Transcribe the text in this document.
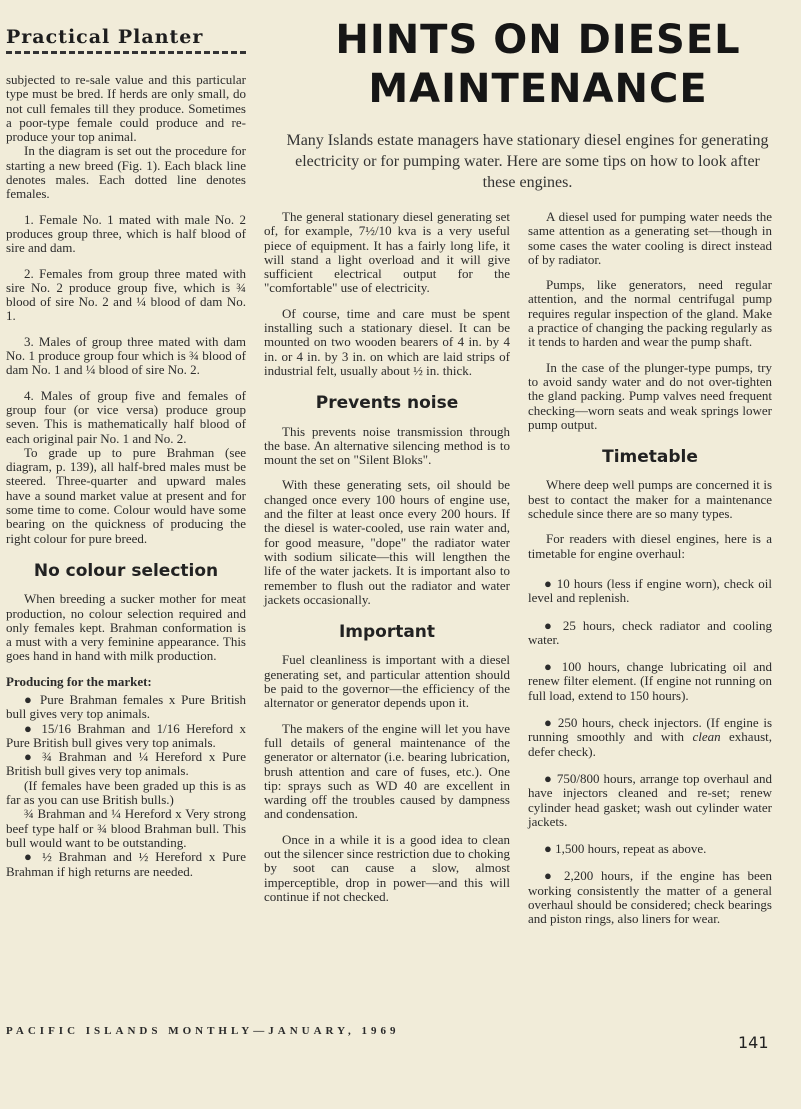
Practical Planter	HINTS ON DIESEL
MAINTENANCE
Many Islands estate managers have stationary diesel engines for generating electricity or for pumping water. Here are some tips on how to look after these engines.

subjected to re-sale value and this particular type must be bred. If herds are only small, do not cull females till they produce. Sometimes a poor-type female could produce and re-produce your top animal.

In the diagram is set out the procedure for starting a new breed (Fig. 1). Each black line denotes males. Each dotted line denotes females.

1. Female No. 1 mated with male No. 2 produces group three, which is half blood of sire and dam.

2. Females from group three mated with sire No. 2 produce group five, which is ¾ blood of sire No. 2 and ¼ blood of dam No. 1.

3. Males of group three mated with dam No. 1 produce group four which is ¾ blood of dam No. 1 and ¼ blood of sire No. 2.

4. Males of group five and females of group four (or vice versa) produce group seven. This is mathematically half blood of each original pair No. 1 and No. 2.

To grade up to pure Brahman (see diagram, p. 139), all half-bred males must be steered. Three-quarter and upward males have a sound market value at present and for some time to come. Colour would have some bearing on the quickness of producing the right colour for pure breed.

No colour selection

When breeding a sucker mother for meat production, no colour selection required and only females kept. Brahman conformation is a must with a very feminine appearance. This goes hand in hand with milk production.

Producing for the market:

● Pure Brahman females x Pure British bull gives very top animals.

● 15/16 Brahman and 1/16 Hereford x Pure British bull gives very top animals.

● ¾ Brahman and ¼ Hereford x Pure British bull gives very top animals.

(If females have been graded up this is as far as you can use British bulls.)

¾ Brahman and ¼ Hereford x Very strong beef type half or ¾ blood Brahman bull. This bull would want to be outstanding.

● ½ Brahman and ½ Hereford x Pure Brahman if high returns are needed.

The general stationary diesel generating set of, for example, 7½/10 kva is a very useful piece of equipment. It has a fairly long life, it will stand a light overload and it will give sufficient electrical output for the "comfortable" use of electricity.

Of course, time and care must be spent installing such a stationary diesel. It can be mounted on two wooden bearers of 4 in. by 4 in. or 4 in. by 3 in. on which are laid strips of industrial felt, usually about ½ in. thick.

Prevents noise

This prevents noise transmission through the base. An alternative silencing method is to mount the set on "Silent Bloks".

With these generating sets, oil should be changed once every 100 hours of engine use, and the filter at least once every 200 hours. If the diesel is water-cooled, use rain water and, for good measure, "dope" the radiator water with sodium silicate—this will lengthen the life of the water jackets. It is important also to remember to flush out the radiator and water jackets occasionally.

Important

Fuel cleanliness is important with a diesel generating set, and particular attention should be paid to the governor—the efficiency of the alternator or generator depends upon it.

The makers of the engine will let you have full details of general maintenance of the generator or alternator (i.e. bearing lubrication, brush attention and care of fuses, etc.). One tip: sprays such as WD 40 are excellent in warding off the troubles caused by dampness and condensation.

Once in a while it is a good idea to clean out the silencer since restriction due to choking by soot can cause a slow, almost imperceptible, drop in power—and this will continue if not checked.

A diesel used for pumping water needs the same attention as a generating set—though in some cases the water cooling is direct instead of by radiator.

Pumps, like generators, need regular attention, and the normal centrifugal pump requires regular inspection of the gland. Make a practice of changing the packing regularly as it tends to harden and wear the pump shaft.

In the case of the plunger-type pumps, try to avoid sandy water and do not over-tighten the gland packing. Pump valves need frequent checking—worn seats and weak springs lower pump output.

Timetable

Where deep well pumps are concerned it is best to contact the maker for a maintenance schedule since there are so many types.

For readers with diesel engines, here is a timetable for engine overhaul:

● 10 hours (less if engine worn), check oil level and replenish.

● 25 hours, check radiator and cooling water.

● 100 hours, change lubricating oil and renew filter element. (If engine not running on full load, extend to 150 hours).

● 250 hours, check injectors. (If engine is running smoothly and with clean exhaust, defer check).

● 750/800 hours, arrange top overhaul and have injectors cleaned and re-set; renew cylinder head gasket; wash out cylinder water jackets.

● 1,500 hours, repeat as above.

● 2,200 hours, if the engine has been working consistently the matter of a general overhaul should be considered; check bearings and piston rings, also liners for wear.

PACIFIC ISLANDS MONTHLY—JANUARY, 1969
141
